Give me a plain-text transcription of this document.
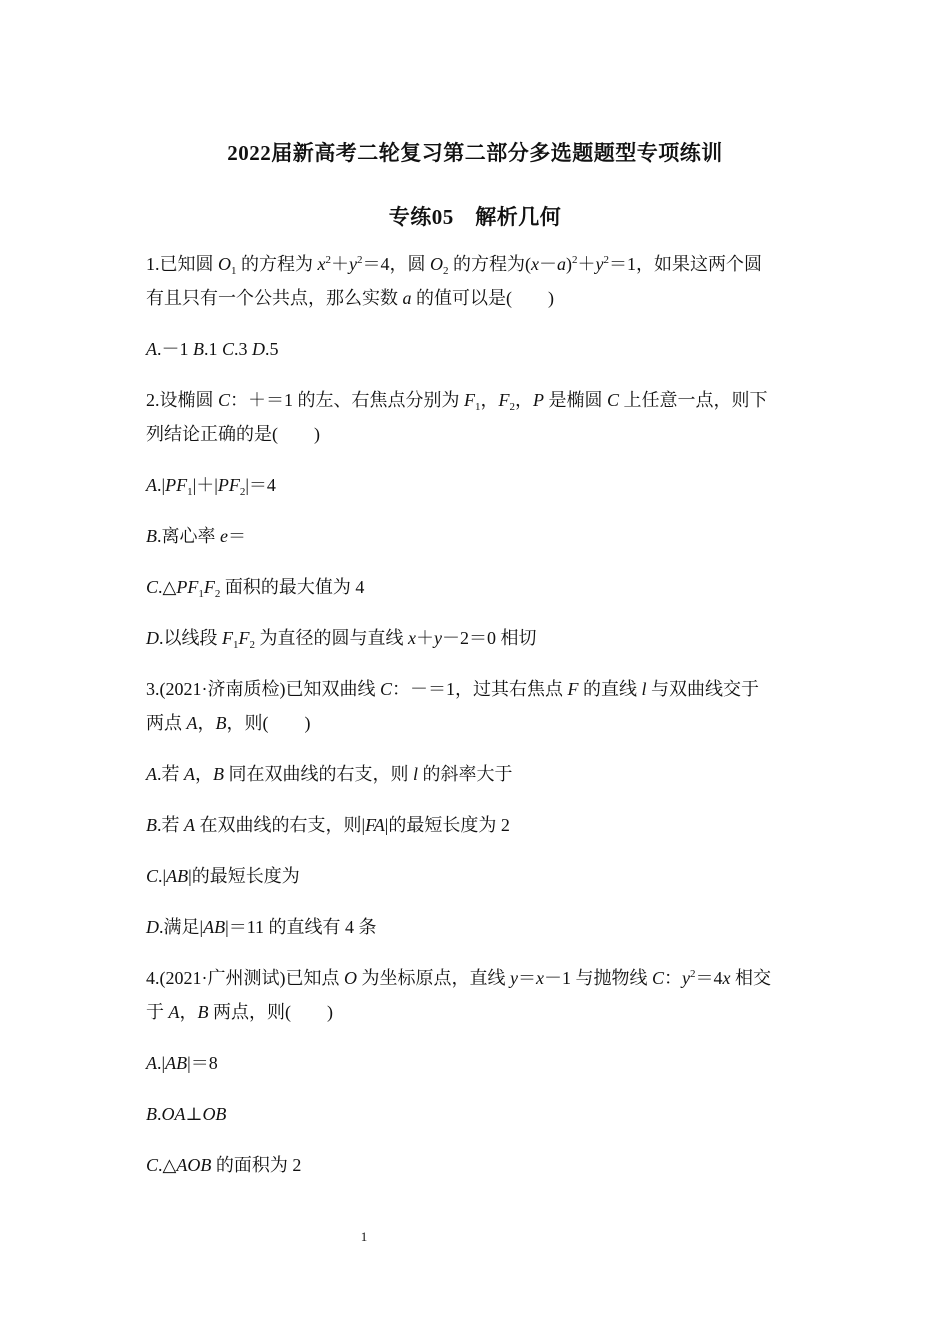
2022届新高考二轮复习第二部分多选题题型专项练训
专练05　解析几何
1.已知圆 $O_1$ 的方程为 $x^2+y^2=4$，圆 $O_2$ 的方程为$(x-a)^2+y^2=1$，如果这两个圆
有且只有一个公共点，那么实数 a 的值可以是(　　)
A.－1 B.1 C.3 D.5
2.设椭圆 C：＋＝1 的左、右焦点分别为 $F_1$，$F_2$，P 是椭圆 C 上任意一点，则下
列结论正确的是(　　)
$A.|PF_1|+|PF_2|=4$
B.离心率 e＝
$C.\triangle PF_1F_2$ 面积的最大值为 4
D.以线段 $F_1F_2$ 为直径的圆与直线 x＋y－2＝0 相切
3.(2021·济南质检)已知双曲线 C：－＝1，过其右焦点 F 的直线 l 与双曲线交于
两点 A，B，则(　　)
A.若 A，B 同在双曲线的右支，则 l 的斜率大于
B.若 A 在双曲线的右支，则|FA|的最短长度为 2
C.|AB|的最短长度为
D.满足|AB|＝11 的直线有 4 条
4.(2021·广州测试)已知点 O 为坐标原点，直线 y＝x－1 与抛物线 C：$y^2=4x$ 相交
于 A，B 两点，则(　　)
A.|AB|＝8
B.OA⊥OB
C.△AOB 的面积为 2
1
